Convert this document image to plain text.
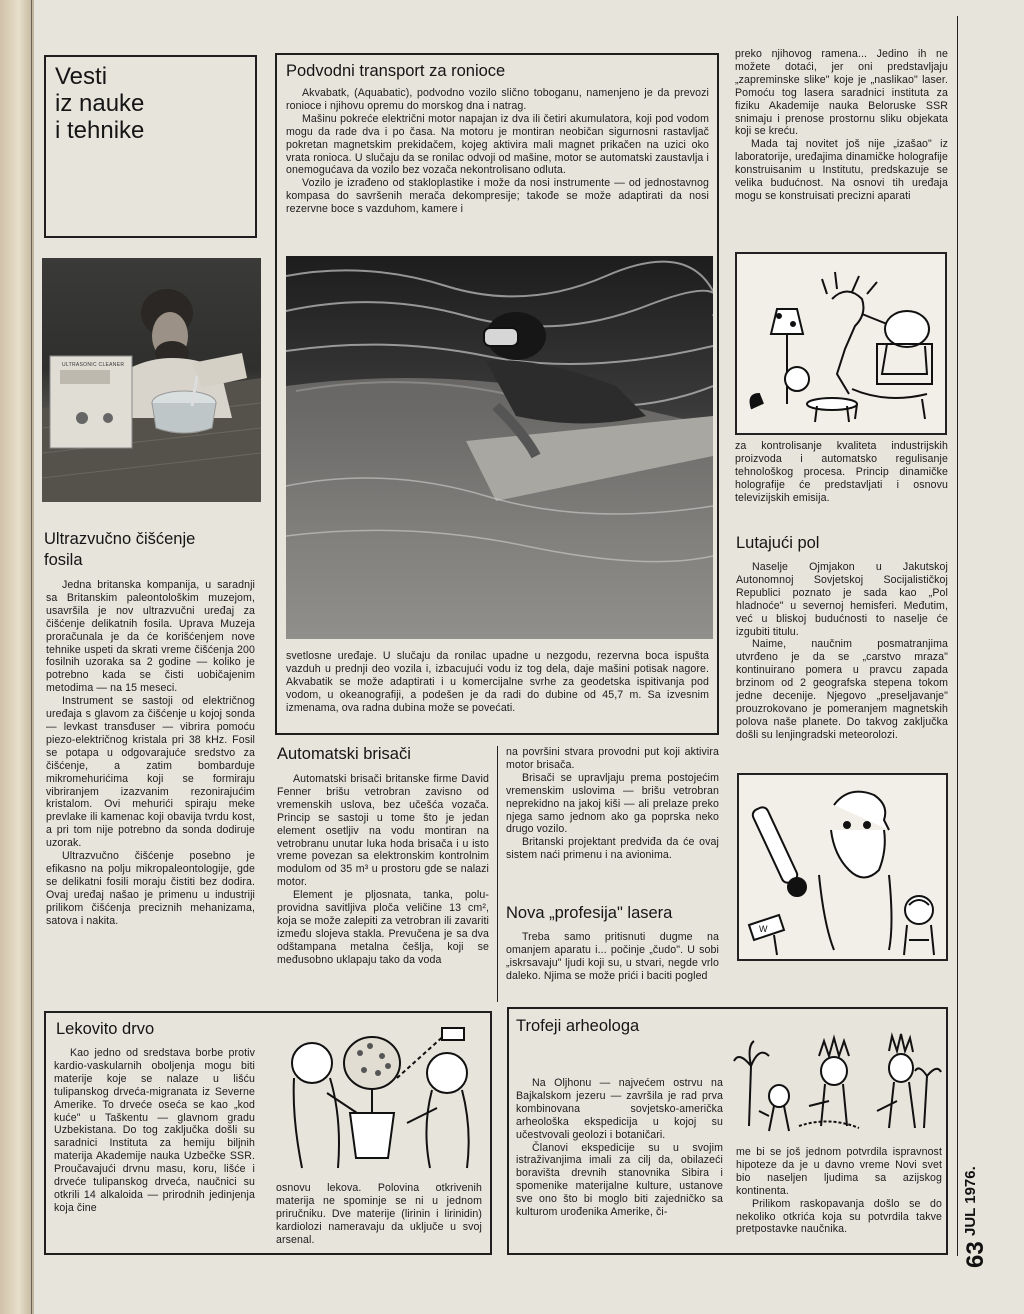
Vesti
iz nauke
i tehnike
ULTRASONIC CLEANER
Ultrazvučno čišćenje
fosila

Jedna britanska kompanija, u saradnji sa Britanskim paleontološkim muzejom, usavršila je nov ultrazvučni uređaj za čišćenje delikatnih fosila. Uprava Muzeja proračunala je da će korišćenjem nove tehnike uspeti da skrati vreme čišćenja 200 fosilnih uzoraka sa 2 godine — koliko je potrebno kada se čisti uobičajenim metodima — na 15 meseci.
Instrument se sastoji od električnog uređaja s glavom za čišćenje u kojoj sonda — levkast transđuser — vibrira pomoću piezo-električnog kristala pri 38 kHz. Fosil se potapa u odgovarajuće sredstvo za čišćenje, a zatim bombarduje mikromehurićima koji se formiraju vibriranjem izazvanim rezonirajućim kristalom. Ovi mehurići spiraju meke prevlake ili kamenac koji obavija tvrdu kost, a pri tom nije potrebno da sonda dodiruje uzorak.
Ultrazvučno čišćenje posebno je efikasno na polju mikropaleontologije, gde se delikatni fosili moraju čistiti bez dodira. Ovaj uređaj našao je primenu u industriji prilikom čišćenja preciznih mehanizama, satova i nakita.

Podvodni transport za ronioce

Akvabatk, (Aquabatic), podvodno vozilo slično toboganu, namenjeno je da prevozi ronioce i njihovu opremu do morskog dna i natrag.
Mašinu pokreće električni motor napajan iz dva ili četiri akumulatora, koji pod vodom mogu da rade dva i po časa. Na motoru je montiran neobičan sigurnosni rastavljač pokretan magnetskim prekidačem, kojeg aktivira mali magnet prikačen na uzici oko vrata ronioca. U slučaju da se ronilac odvoji od mašine, motor se automatski zaustavlja i onemogućava da vozilo bez vozača nekontrolisano odluta.
Vozilo je izrađeno od stakloplastike i može da nosi instrumente — od jednostavnog kompasa do savršenih merača dekompresije; takođe se može adaptirati da nosi rezervne boce s vazduhom, kamere i

svetlosne uređaje. U slučaju da ronilac upadne u nezgodu, rezervna boca ispušta vazduh u prednji deo vozila i, izbacujući vodu iz tog dela, daje mašini potisak nagore. Akvabatik se može adaptirati i u komercijalne svrhe za geodetska ispitivanja pod vodom, u okeanografiji, a podešen je da radi do dubine od 45,7 m. Sa izvesnim izmenama, ova radna dubina može se povećati.

preko njihovog ramena... Jedino ih ne možete dotaći, jer oni predstavljaju „zapreminske slike" koje je „naslikao" laser. Pomoću tog lasera saradnici instituta za fiziku Akademije nauka Beloruske SSR snimaju i prenose prostornu sliku objekata koji se kreću.
Mada taj novitet još nije „izašao" iz laboratorije, uređajima dinamičke holografije konstruisanim u Institutu, predskazuje se velika budućnost. Na osnovi tih uređaja mogu se konstruisati precizni aparati

za kontrolisanje kvaliteta industrijskih proizvoda i automatsko regulisanje tehnološkog procesa. Princip dinamičke holografije će predstavljati i osnovu televizijskih emisija.

Lutajući pol

Naselje Ojmjakon u Jakutskoj Autonomnoj Sovjetskoj Socijalističkoj Republici poznato je sada kao „Pol hladnoće" u severnoj hemisferi. Međutim, već u bliskoj budućnosti to naselje će izgubiti titulu.
Naime, naučnim posmatranjima utvrđeno je da se „carstvo mraza" kontinuirano pomera u pravcu zapada brzinom od 2 geografska stepena tokom jedne decenije. Njegovo „preseljavanje" prouzrokovano je pomeranjem magnetskih polova naše planete. Do takvog zaključka došli su lenjingradski meteorolozi.

W
Automatski brisači

Automatski brisači britanske firme David Fenner brišu vetrobran zavisno od vremenskih uslova, bez učešća vozača. Princip se sastoji u tome što je jedan element osetljiv na vodu montiran na vetrobranu unutar luka hoda brisača i u isto vreme povezan sa elektronskim kontrolnim modulom od 35 m³ u prostoru gde se nalazi motor.
Element je pljosnata, tanka, polu-providna savitljiva ploča veličine 13 cm², koja se može zalepiti za vetrobran ili zavariti između slojeva stakla. Prevučena je sa dva odštampana metalna češlja, koji se međusobno uklapaju tako da voda

na površini stvara provodni put koji aktivira motor brisača.
Brisači se upravljaju prema postojećim vremenskim uslovima — brišu vetrobran neprekidno na jakoj kiši — ali prelaze preko njega samo jednom ako ga poprska neko drugo vozilo.
Britanski projektant predviđa da će ovaj sistem naći primenu i na avionima.

Nova „profesija" lasera

Treba samo pritisnuti dugme na omanjem aparatu i... počinje „čudo". U sobi „iskrsavaju" ljudi koji su, u stvari, negde vrlo daleko. Njima se može prići i baciti pogled

Lekovito drvo

Kao jedno od sredstava borbe protiv kardio-vaskularnih oboljenja mogu biti materije koje se nalaze u lišću tulipanskog drveća-migranata iz Severne Amerike. To drveće oseća se kao „kod kuće" u Taškentu — glavnom gradu Uzbekistana. Do tog zaključka došli su saradnici Instituta za hemiju biljnih materija Akademije nauka Uzbečke SSR. Proučavajući drvnu masu, koru, lišće i drveće tulipanskog drveća, naučnici su otkrili 14 alkaloida — prirodnih jedinjenja koja čine

osnovu lekova. Polovina otkrivenih materija ne spominje se ni u jednom priručniku. Dve materije (lirinin i lirinidin) kardiolozi nameravaju da uključe u svoj arsenal.

Trofeji arheologa

Na Oljhonu — najvećem ostrvu na Bajkalskom jezeru — završila je rad prva kombinovana sovjetsko-američka arheološka ekspedicija u kojoj su učestvovali geolozi i botaničari.
Članovi ekspedicije su u svojim istraživanjima imali za cilj da, obilazeći boravišta drevnih stanovnika Sibira i spomenike materijalne kulture, ustanove sve ono što bi moglo biti zajedničko sa kulturom urođenika Amerike, či-

me bi se još jednom potvrdila ispravnost hipoteze da je u davno vreme Novi svet bio naseljen ljudima sa azijskog kontinenta.
Prilikom raskopavanja došlo se do nekoliko otkrića koja su potvrdila takve pretpostavke naučnika.	JUL 1976.
63
